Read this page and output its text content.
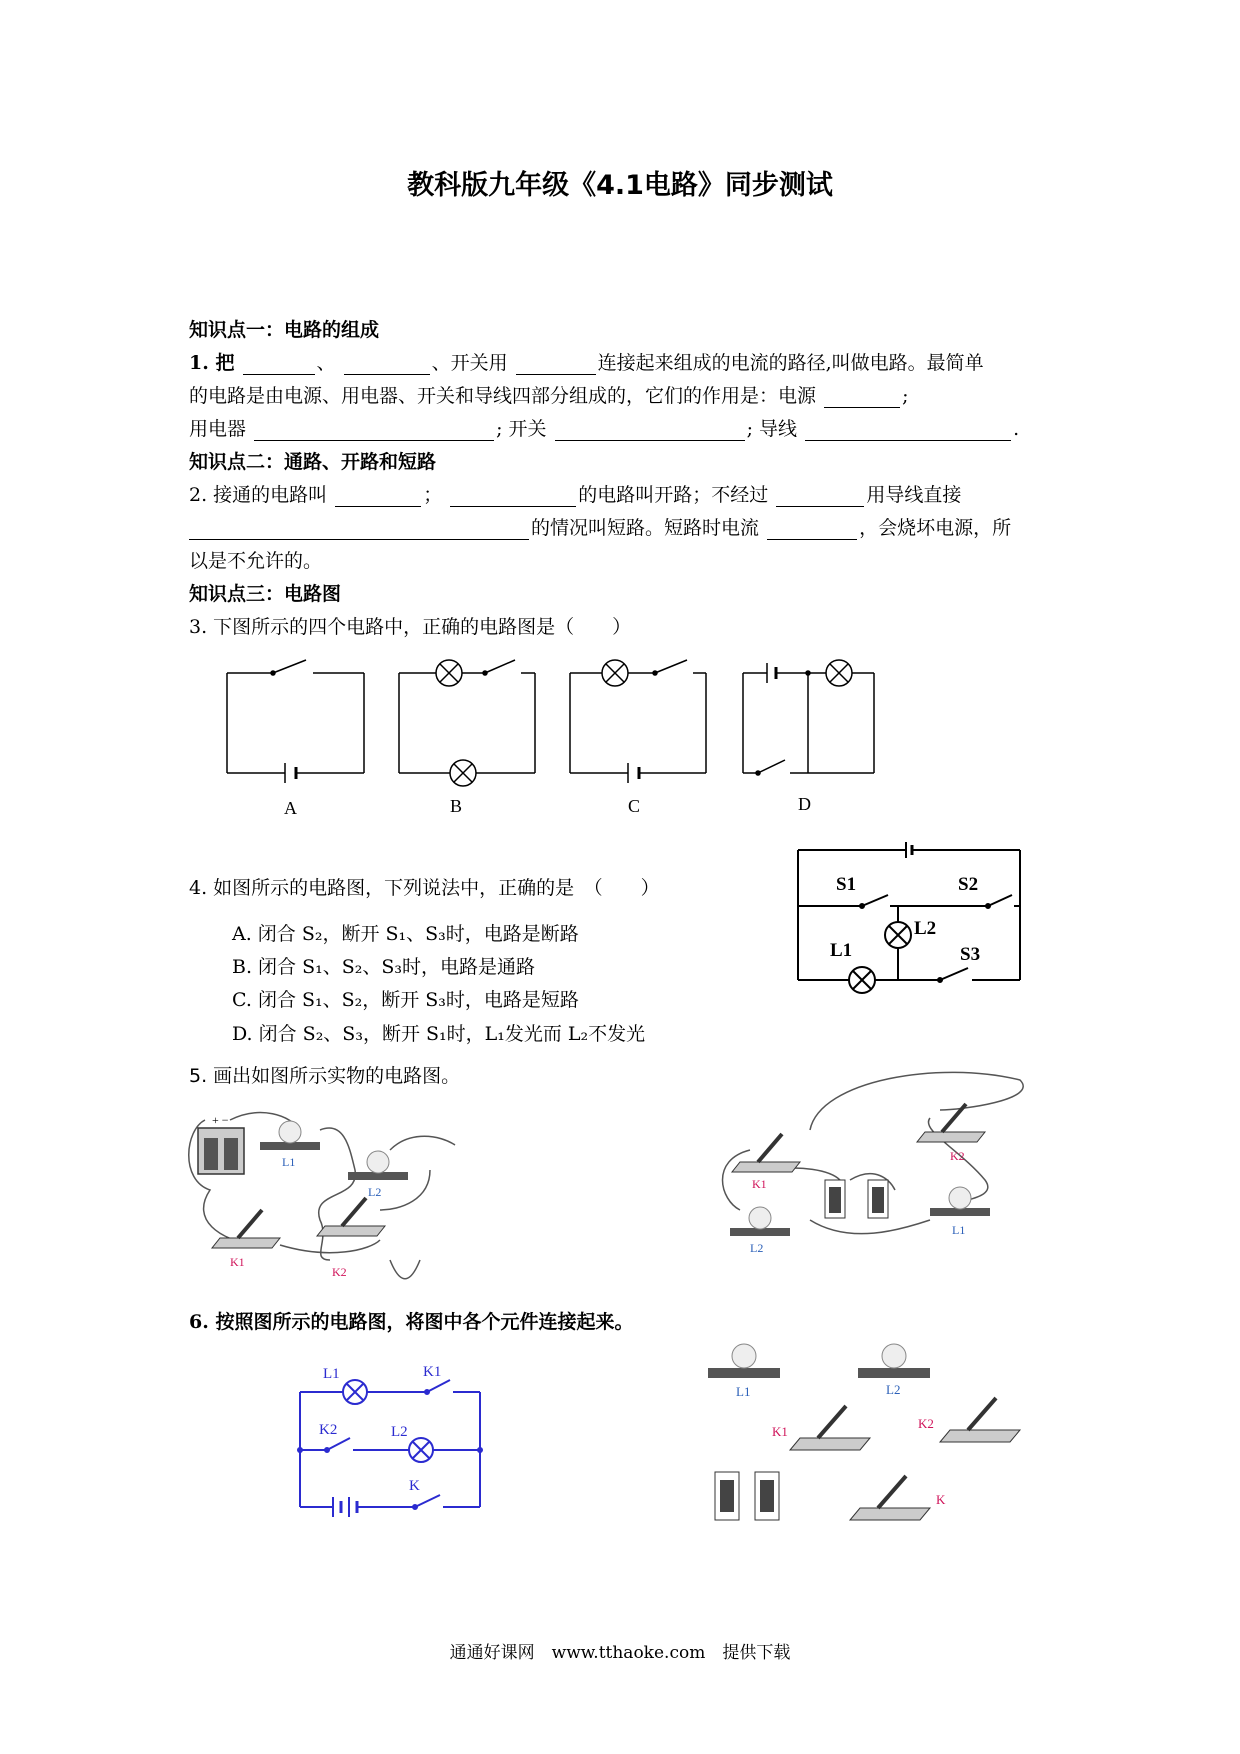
教科版九年级《4.1电路》同步测试
知识点一：电路的组成
1. 把	、	、开关用	连接起来组成的电流的路径,叫做电路。最简单
的电路是由电源、用电器、开关和导线四部分组成的，它们的作用是：电源	;
用电器	; 开关	; 导线	.
知识点二：通路、开路和短路
2. 接通的电路叫	；	的电路叫开路；不经过	用导线直接
的情况叫短路。短路时电流	，会烧坏电源，所
以是不允许的。
知识点三：电路图
3. 下图所示的四个电路中，正确的电路图是（　　）
A	B	C	D
4. 如图所示的电路图，下列说法中，正确的是　（　　）
A. 闭合 S₂，断开 S₁、S₃时，电路是断路
B. 闭合 S₁、S₂、S₃时，电路是通路
C. 闭合 S₁、S₂，断开 S₃时，电路是短路
D. 闭合 S₂、S₃，断开 S₁时，L₁发光而 L₂不发光
S1	S2
L1
L2
S3
5. 画出如图所示实物的电路图。
+ −
L1
L2
K1
K2
K1
K2
L1
L2
6. 按照图所示的电路图，将图中各个元件连接起来。
L1	K1
K2	L2
K
L1	L2
K1
K2
K
通通好课网　www.tthaoke.com　提供下载
